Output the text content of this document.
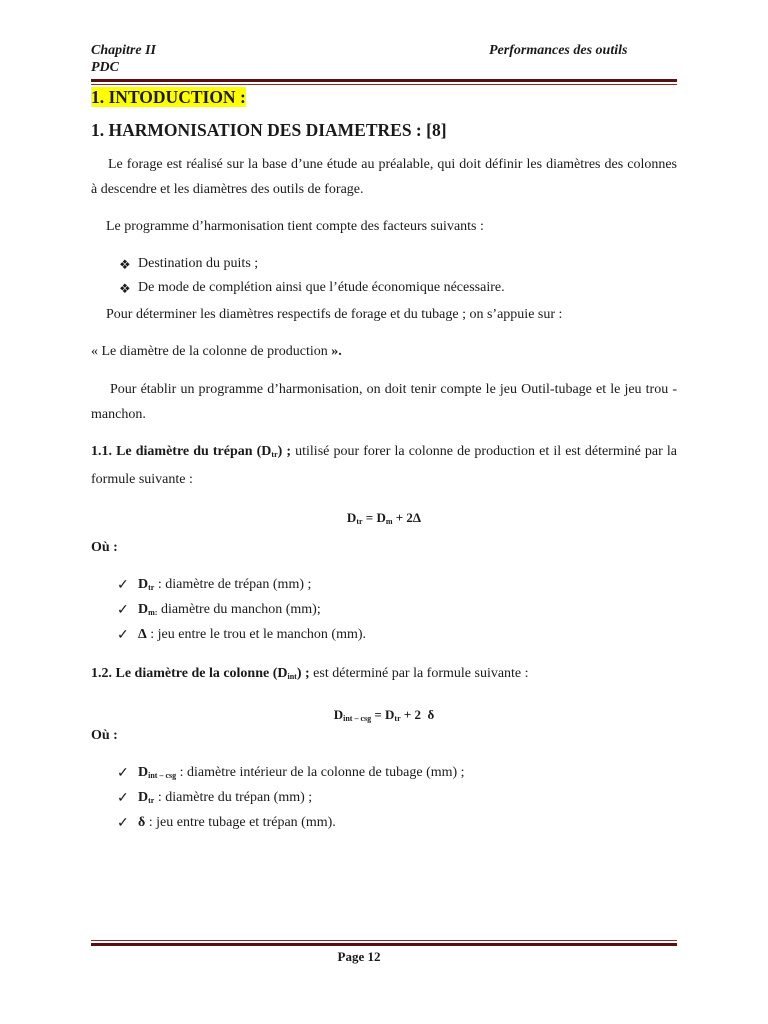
Chapitre II
PDC
Performances des outils
1. INTODUCTION :
1. HARMONISATION DES DIAMETRES : [8]
Le forage est réalisé sur la base d’une étude au préalable, qui doit définir les diamètres des colonnes à descendre et les diamètres des outils de forage.
Le programme d’harmonisation tient compte des facteurs suivants :
❖ Destination du puits ;
❖ De mode de complétion ainsi que l’étude économique nécessaire.
Pour déterminer les diamètres respectifs de forage et du tubage ; on s’appuie sur :
« Le diamètre de la colonne de production ».
Pour établir un programme d’harmonisation, on doit tenir compte le jeu Outil-tubage et le jeu trou - manchon.
1.1. Le diamètre du trépan $(D_{tr})$ ; utilisé pour forer la colonne de production et il est déterminé par la formule suivante :
$D_{tr} = D_m + 2\Delta$
Où :
✓ $D_{tr}$ : diamètre de trépan (mm) ;
✓ $D_{m:}$ diamètre du manchon (mm);
✓ Δ : jeu entre le trou et le manchon (mm).
1.2. Le diamètre de la colonne $(D_{int})$ ; est déterminé par la formule suivante :
$D_{int - csg} = D_{tr} + 2$  δ
Où :
✓ $D_{int - csg}$ : diamètre intérieur de la colonne de tubage (mm) ;
✓ $D_{tr}$ : diamètre du trépan (mm) ;
✓ δ : jeu entre tubage et trépan (mm).
Page 12
